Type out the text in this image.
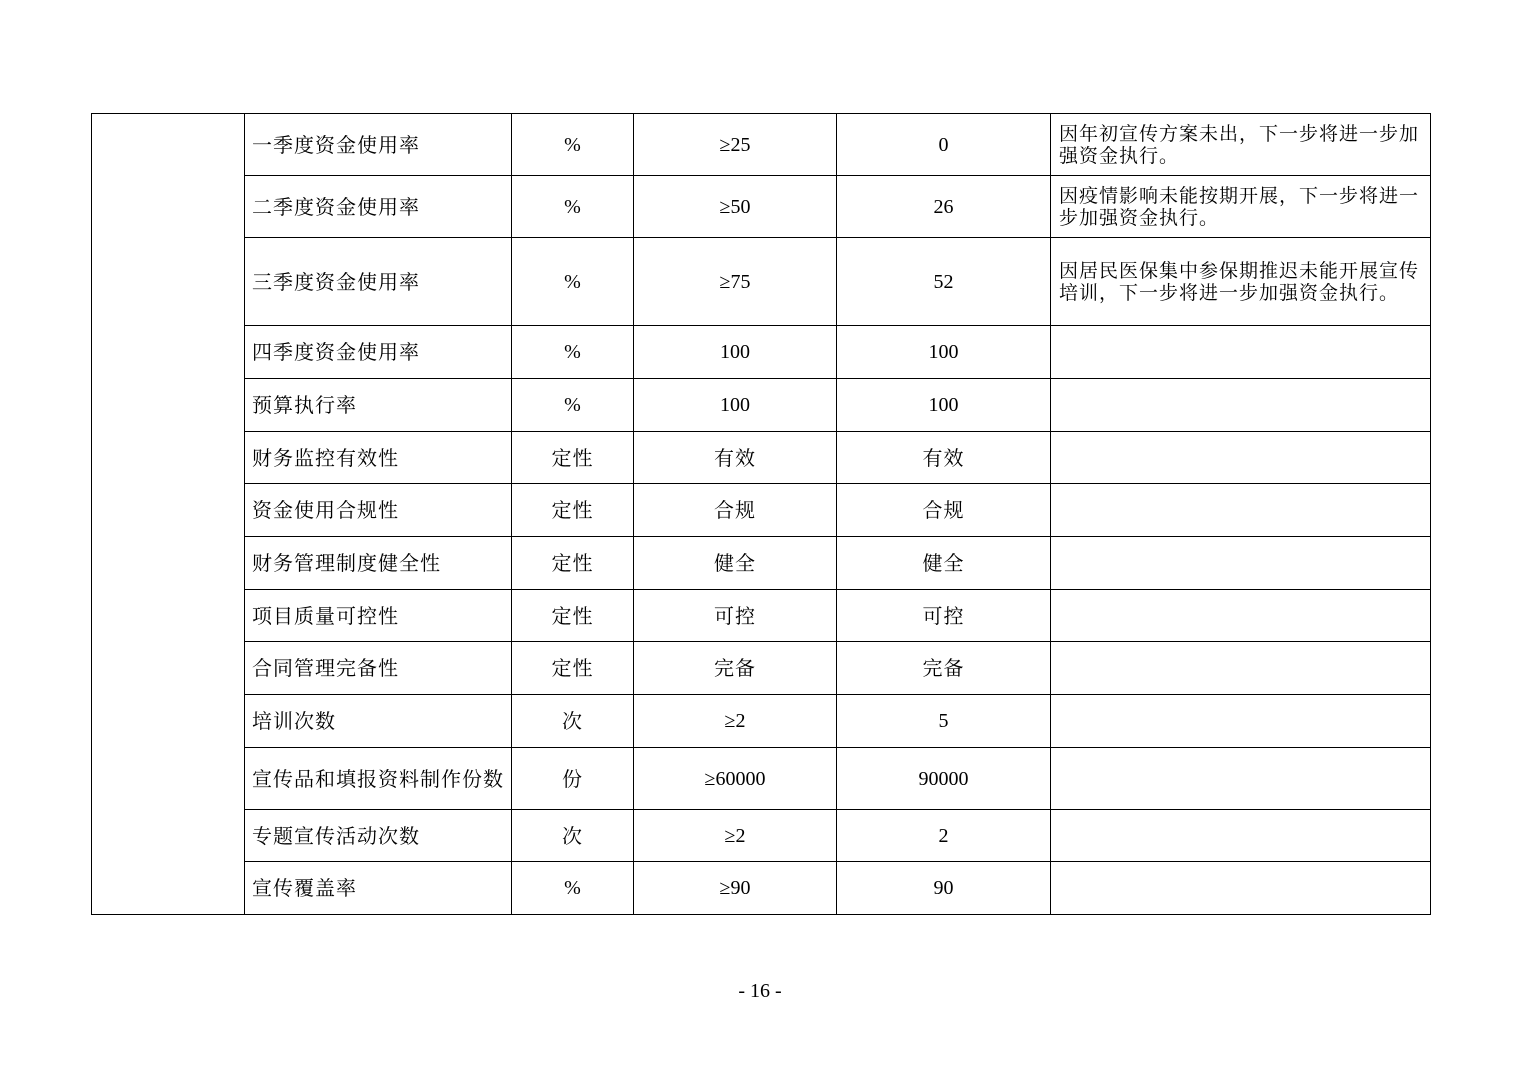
	一季度资金使用率	%	≥25	0	因年初宣传方案未出，下一步将进一步加强资金执行。
	二季度资金使用率	%	≥50	26	因疫情影响未能按期开展，下一步将进一步加强资金执行。
	三季度资金使用率	%	≥75	52	因居民医保集中参保期推迟未能开展宣传培训，下一步将进一步加强资金执行。
	四季度资金使用率	%	100	100	
	预算执行率	%	100	100	
	财务监控有效性	定性	有效	有效	
	资金使用合规性	定性	合规	合规	
	财务管理制度健全性	定性	健全	健全	
	项目质量可控性	定性	可控	可控	
	合同管理完备性	定性	完备	完备	
	培训次数	次	≥2	5	
	宣传品和填报资料制作份数	份	≥60000	90000	
	专题宣传活动次数	次	≥2	2	
	宣传覆盖率	%	≥90	90	
- 16 -
